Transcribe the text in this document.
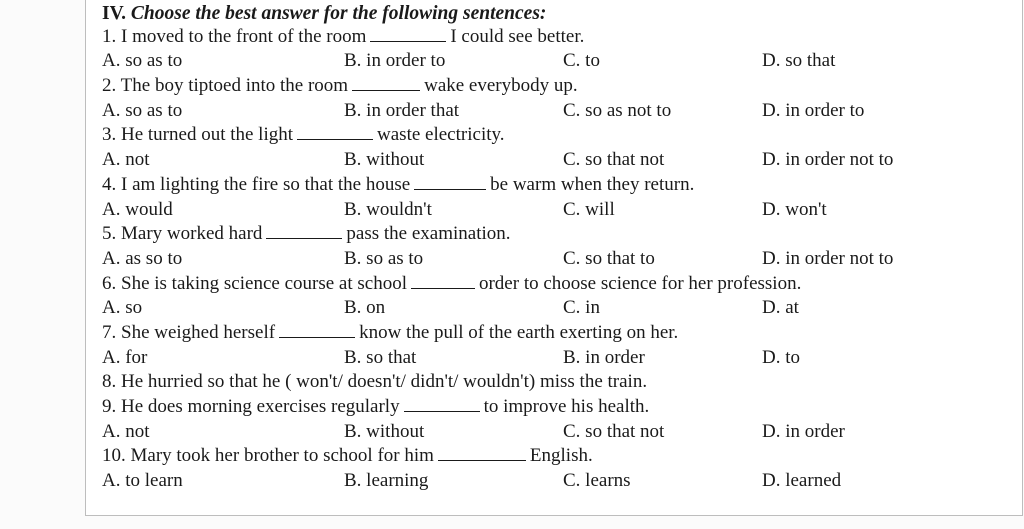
IV. Choose the best answer for the following sentences:
1. I moved to the front of the room	I could see better.
A. so as to	B. in order to	C. to	D. so that
2. The boy tiptoed into the room	wake everybody up.
A. so as to	B. in order that	C. so as not to	D. in order to
3. He turned out the light	waste electricity.
A. not	B. without	C. so that not	D. in order not to
4. I am lighting the fire so that the house	be warm when they return.
A. would	B. wouldn't	C. will	D. won't
5. Mary worked hard	pass the examination.
A. as so to	B. so as to	C. so that to	D. in order not to
6. She is taking science course at school	order to choose science for her profession.
A. so	B. on	C. in	D. at
7. She weighed herself	know the pull of the earth exerting on her.
A. for	B. so that	B. in order	D. to
8. He hurried so that he ( won't/ doesn't/ didn't/ wouldn't) miss the train.
9. He does morning exercises regularly	to improve his health.
A. not	B. without	C. so that not	D. in order
10. Mary took her brother to school for him	English.
A. to learn	B. learning	C. learns	D. learned
